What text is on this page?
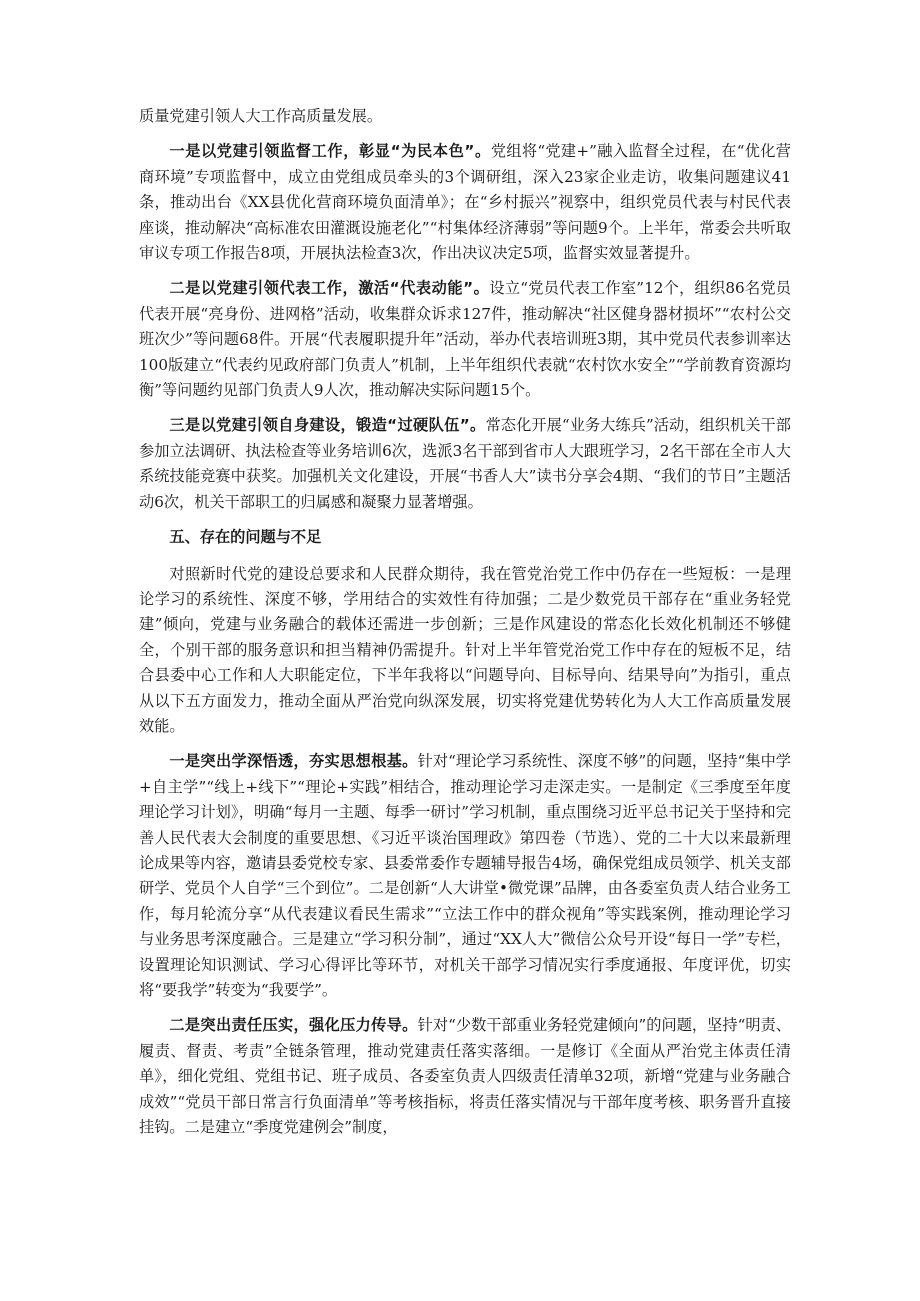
质量党建引领人大工作高质量发展。

一是以党建引领监督工作，彰显“为民本色”。党组将“党建+”融入监督全过程，在“优化营商环境”专项监督中，成立由党组成员牵头的3个调研组，深入23家企业走访，收集问题建议41条，推动出台《XX县优化营商环境负面清单》；在“乡村振兴”视察中，组织党员代表与村民代表座谈，推动解决“高标准农田灌溉设施老化”“村集体经济薄弱”等问题9个。上半年，常委会共听取审议专项工作报告8项，开展执法检查3次，作出决议决定5项，监督实效显著提升。

二是以党建引领代表工作，激活“代表动能”。设立“党员代表工作室”12个，组织86名党员代表开展“亮身份、进网格”活动，收集群众诉求127件，推动解决“社区健身器材损坏”“农村公交班次少”等问题68件。开展“代表履职提升年”活动，举办代表培训班3期，其中党员代表参训率达100版建立“代表约见政府部门负责人”机制，上半年组织代表就“农村饮水安全”“学前教育资源均衡”等问题约见部门负责人9人次，推动解决实际问题15个。

三是以党建引领自身建设，锻造“过硬队伍”。常态化开展“业务大练兵”活动，组织机关干部参加立法调研、执法检查等业务培训6次，选派3名干部到省市人大跟班学习，2名干部在全市人大系统技能竞赛中获奖。加强机关文化建设，开展“书香人大”读书分享会4期、“我们的节日”主题活动6次，机关干部职工的归属感和凝聚力显著增强。

五、存在的问题与不足

对照新时代党的建设总要求和人民群众期待，我在管党治党工作中仍存在一些短板：一是理论学习的系统性、深度不够，学用结合的实效性有待加强；二是少数党员干部存在“重业务轻党建”倾向，党建与业务融合的载体还需进一步创新；三是作风建设的常态化长效化机制还不够健全，个别干部的服务意识和担当精神仍需提升。针对上半年管党治党工作中存在的短板不足，结合县委中心工作和人大职能定位，下半年我将以“问题导向、目标导向、结果导向”为指引，重点从以下五方面发力，推动全面从严治党向纵深发展，切实将党建优势转化为人大工作高质量发展效能。

一是突出学深悟透，夯实思想根基。针对“理论学习系统性、深度不够”的问题，坚持“集中学+自主学”“线上+线下”“理论+实践”相结合，推动理论学习走深走实。一是制定《三季度至年度理论学习计划》，明确“每月一主题、每季一研讨”学习机制，重点围绕习近平总书记关于坚持和完善人民代表大会制度的重要思想、《习近平谈治国理政》第四卷（节选）、党的二十大以来最新理论成果等内容，邀请县委党校专家、县委常委作专题辅导报告4场，确保党组成员领学、机关支部研学、党员个人自学“三个到位”。二是创新“人大讲堂•微党课”品牌，由各委室负责人结合业务工作，每月轮流分享“从代表建议看民生需求”“立法工作中的群众视角”等实践案例，推动理论学习与业务思考深度融合。三是建立“学习积分制”，通过“XX人大”微信公众号开设“每日一学”专栏，设置理论知识测试、学习心得评比等环节，对机关干部学习情况实行季度通报、年度评优，切实将“要我学”转变为“我要学”。

二是突出责任压实，强化压力传导。针对“少数干部重业务轻党建倾向”的问题，坚持“明责、履责、督责、考责”全链条管理，推动党建责任落实落细。一是修订《全面从严治党主体责任清单》，细化党组、党组书记、班子成员、各委室负责人四级责任清单32项，新增“党建与业务融合成效”“党员干部日常言行负面清单”等考核指标，将责任落实情况与干部年度考核、职务晋升直接挂钩。二是建立“季度党建例会”制度，
